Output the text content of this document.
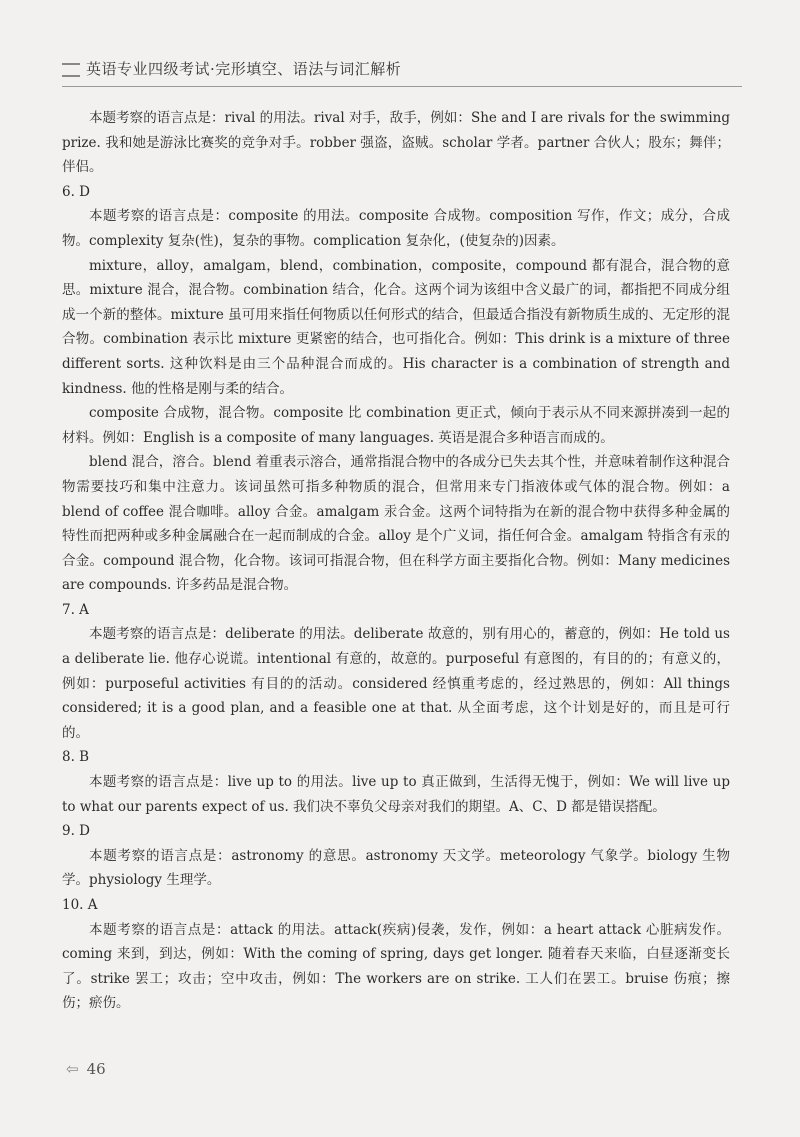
英语专业四级考试·完形填空、语法与词汇解析

本题考察的语言点是：rival 的用法。rival 对手，敌手，例如：She and I are rivals for the swimming prize. 我和她是游泳比赛奖的竞争对手。robber 强盗，盗贼。scholar 学者。partner 合伙人；股东；舞伴；伴侣。

6. D

本题考察的语言点是：composite 的用法。composite 合成物。composition 写作，作文；成分，合成物。complexity 复杂(性)，复杂的事物。complication 复杂化，(使复杂的)因素。

mixture，alloy，amalgam，blend，combination，composite，compound 都有混合，混合物的意思。mixture 混合，混合物。combination 结合，化合。这两个词为该组中含义最广的词，都指把不同成分组成一个新的整体。mixture 虽可用来指任何物质以任何形式的结合，但最适合指没有新物质生成的、无定形的混合物。combination 表示比 mixture 更紧密的结合，也可指化合。例如：This drink is a mixture of three different sorts. 这种饮料是由三个品种混合而成的。His character is a combination of strength and kindness. 他的性格是刚与柔的结合。

composite 合成物，混合物。composite 比 combination 更正式，倾向于表示从不同来源拼凑到一起的材料。例如：English is a composite of many languages. 英语是混合多种语言而成的。

blend 混合，溶合。blend 着重表示溶合，通常指混合物中的各成分已失去其个性，并意味着制作这种混合物需要技巧和集中注意力。该词虽然可指多种物质的混合，但常用来专门指液体或气体的混合物。例如：a blend of coffee 混合咖啡。alloy 合金。amalgam 汞合金。这两个词特指为在新的混合物中获得多种金属的特性而把两种或多种金属融合在一起而制成的合金。alloy 是个广义词，指任何合金。amalgam 特指含有汞的合金。compound 混合物，化合物。该词可指混合物，但在科学方面主要指化合物。例如：Many medicines are compounds. 许多药品是混合物。

7. A

本题考察的语言点是：deliberate 的用法。deliberate 故意的，别有用心的，蓄意的，例如：He told us a deliberate lie. 他存心说谎。intentional 有意的，故意的。purposeful 有意图的，有目的的；有意义的，例如：purposeful activities 有目的的活动。considered 经慎重考虑的，经过熟思的，例如：All things considered; it is a good plan, and a feasible one at that. 从全面考虑，这个计划是好的，而且是可行的。

8. B

本题考察的语言点是：live up to 的用法。live up to 真正做到，生活得无愧于，例如：We will live up to what our parents expect of us. 我们决不辜负父母亲对我们的期望。A、C、D 都是错误搭配。

9. D

本题考察的语言点是：astronomy 的意思。astronomy 天文学。meteorology 气象学。biology 生物学。physiology 生理学。

10. A

本题考察的语言点是：attack 的用法。attack(疾病)侵袭，发作，例如：a heart attack 心脏病发作。coming 来到，到达，例如：With the coming of spring, days get longer. 随着春天来临，白昼逐渐变长了。strike 罢工；攻击；空中攻击，例如：The workers are on strike. 工人们在罢工。bruise 伤痕；擦伤；瘀伤。

⇦ 46
